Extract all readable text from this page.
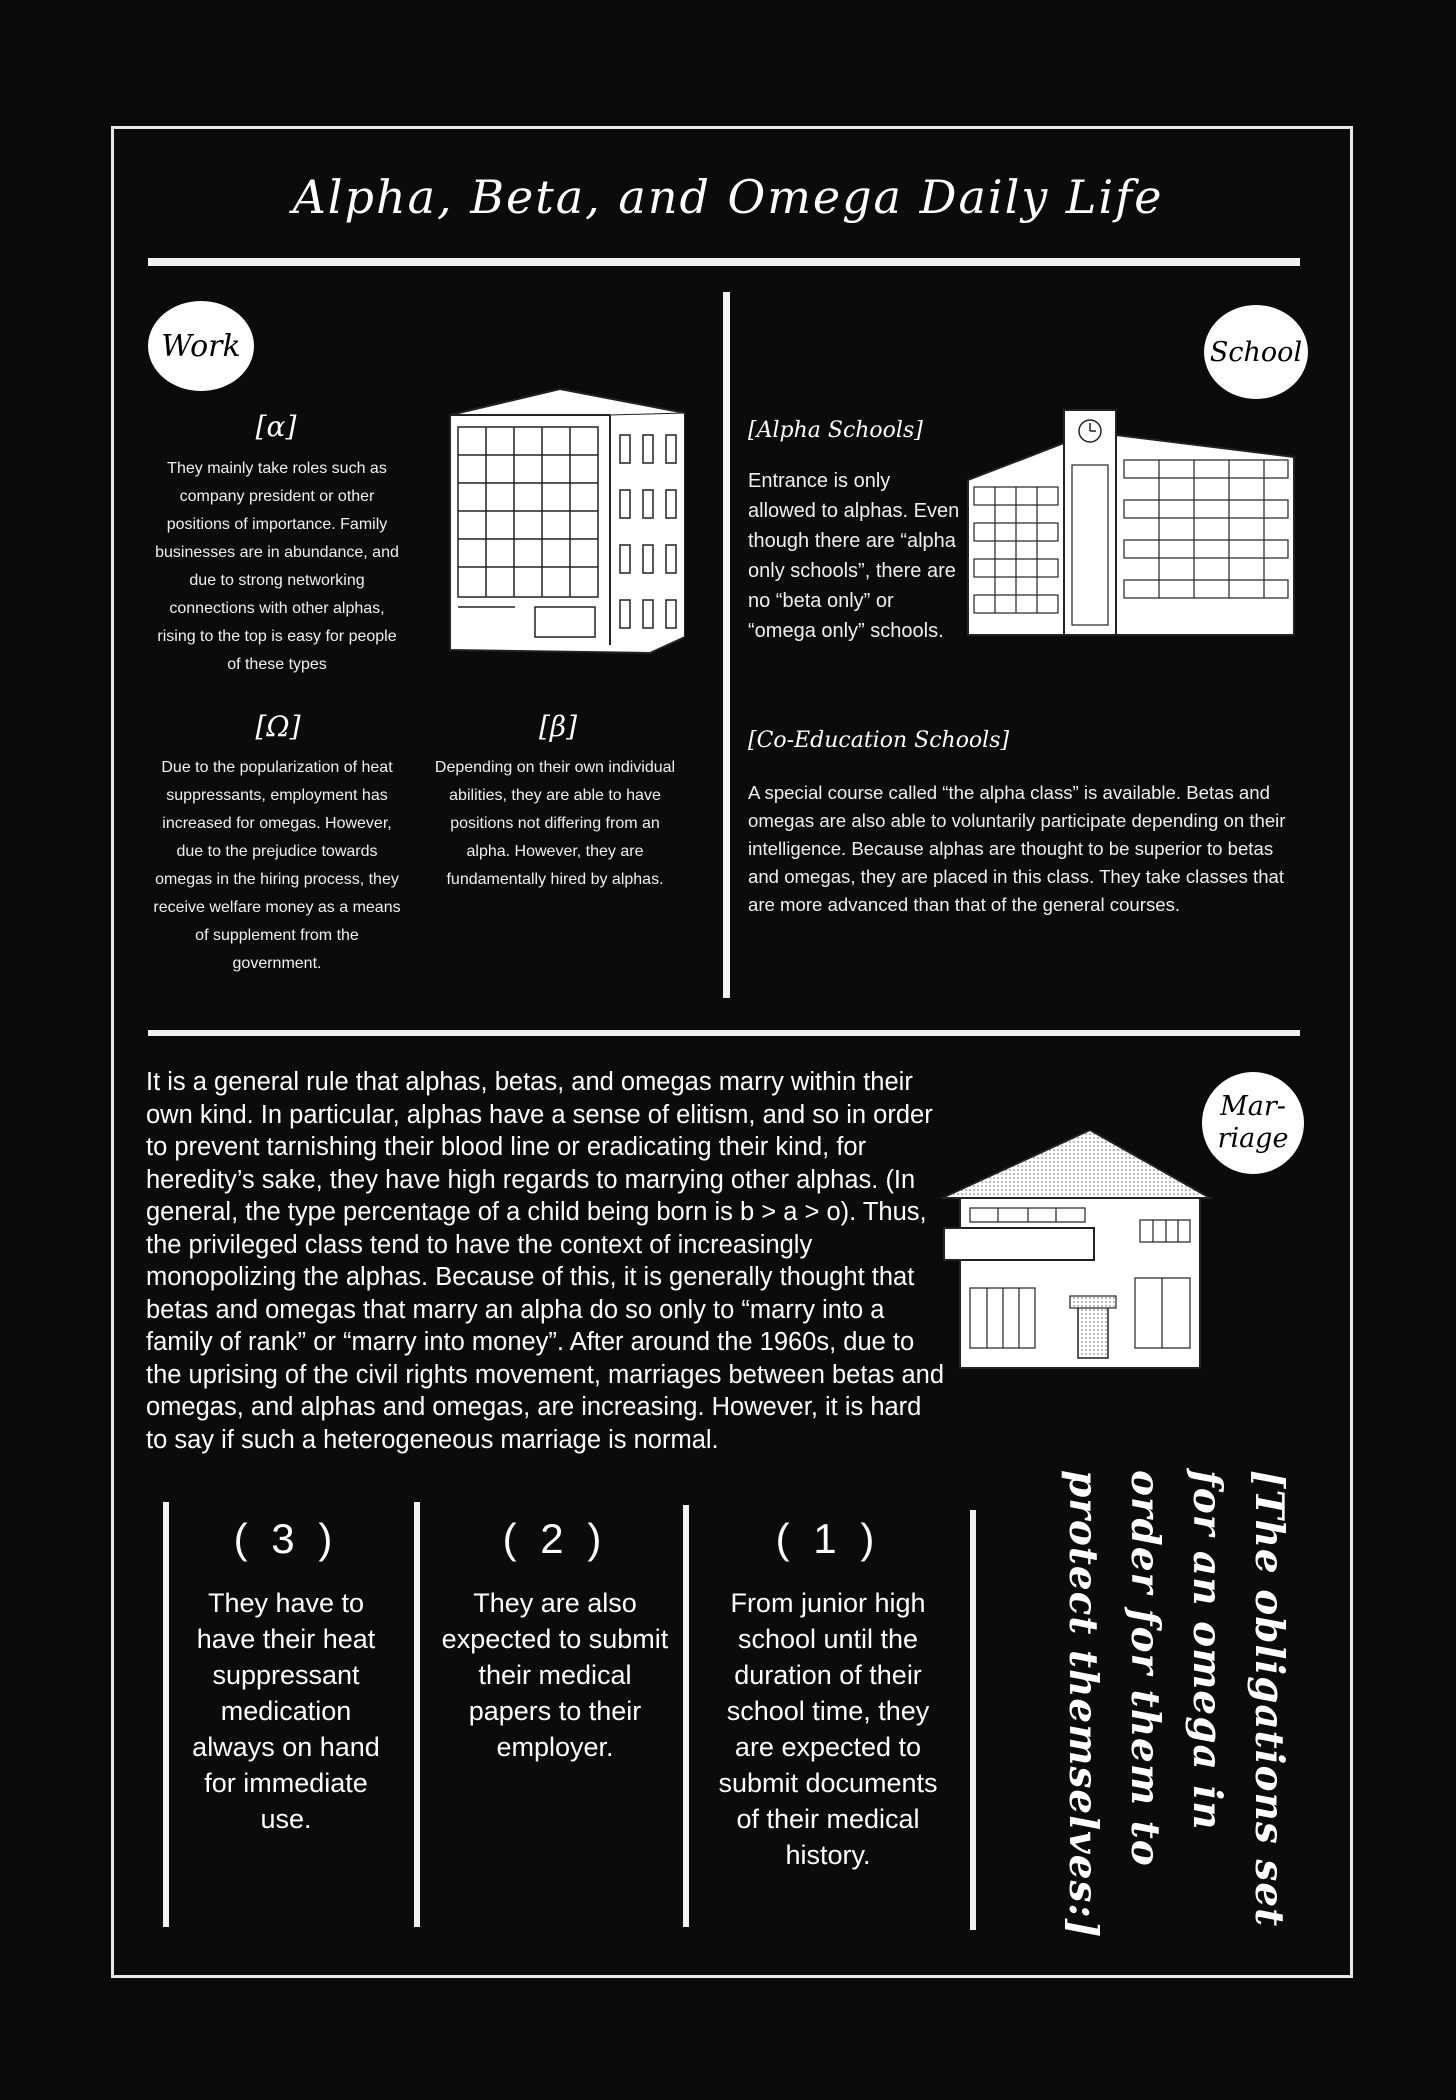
Alpha, Beta, and Omega Daily Life
Work
[α]
They mainly take roles such as company president or other positions of importance. Family businesses are in abundance, and due to strong networking connections with other alphas, rising to the top is easy for people of these types
[Ω]
Due to the popularization of heat suppressants, employment has increased for omegas. However, due to the prejudice towards omegas in the hiring process, they receive welfare money as a means of supplement from the government.
[β]
Depending on their own individual abilities, they are able to have positions not differing from an alpha. However, they are fundamentally hired by alphas.
School
[Alpha Schools]
Entrance is only allowed to alphas. Even though there are “alpha only schools”, there are no “beta only” or “omega only” schools.
[Co-Education Schools]
A special course called “the alpha class” is available. Betas and omegas are also able to voluntarily participate depending on their intelligence. Because alphas are thought to be superior to betas and omegas, they are placed in this class. They take classes that are more advanced than that of the general courses.
It is a general rule that alphas, betas, and omegas marry within their own kind. In particular, alphas have a sense of elitism, and so in order to prevent tarnishing their blood line or eradicating their kind, for heredity’s sake, they have high regards to marrying other alphas. (In general, the type percentage of a child being born is b > a > o). Thus, the privileged class tend to have the context of increasingly monopolizing the alphas. Because of this, it is generally thought that betas and omegas that marry an alpha do so only to “marry into a family of rank” or “marry into money”. After around the 1960s, due to the uprising of the civil rights movement, marriages between betas and omegas, and alphas and omegas, are increasing. However, it is hard to say if such a heterogeneous marriage is normal.
Mar-
riage
( 3 )
They have to have their heat suppressant medication always on hand for immediate use.
( 2 )
They are also expected to submit their medical papers to their employer.
( 1 )
From junior high school until the duration of their school time, they are expected to submit documents of their medical history.	[The obligations set for an omega in order for them to protect themselves:]
